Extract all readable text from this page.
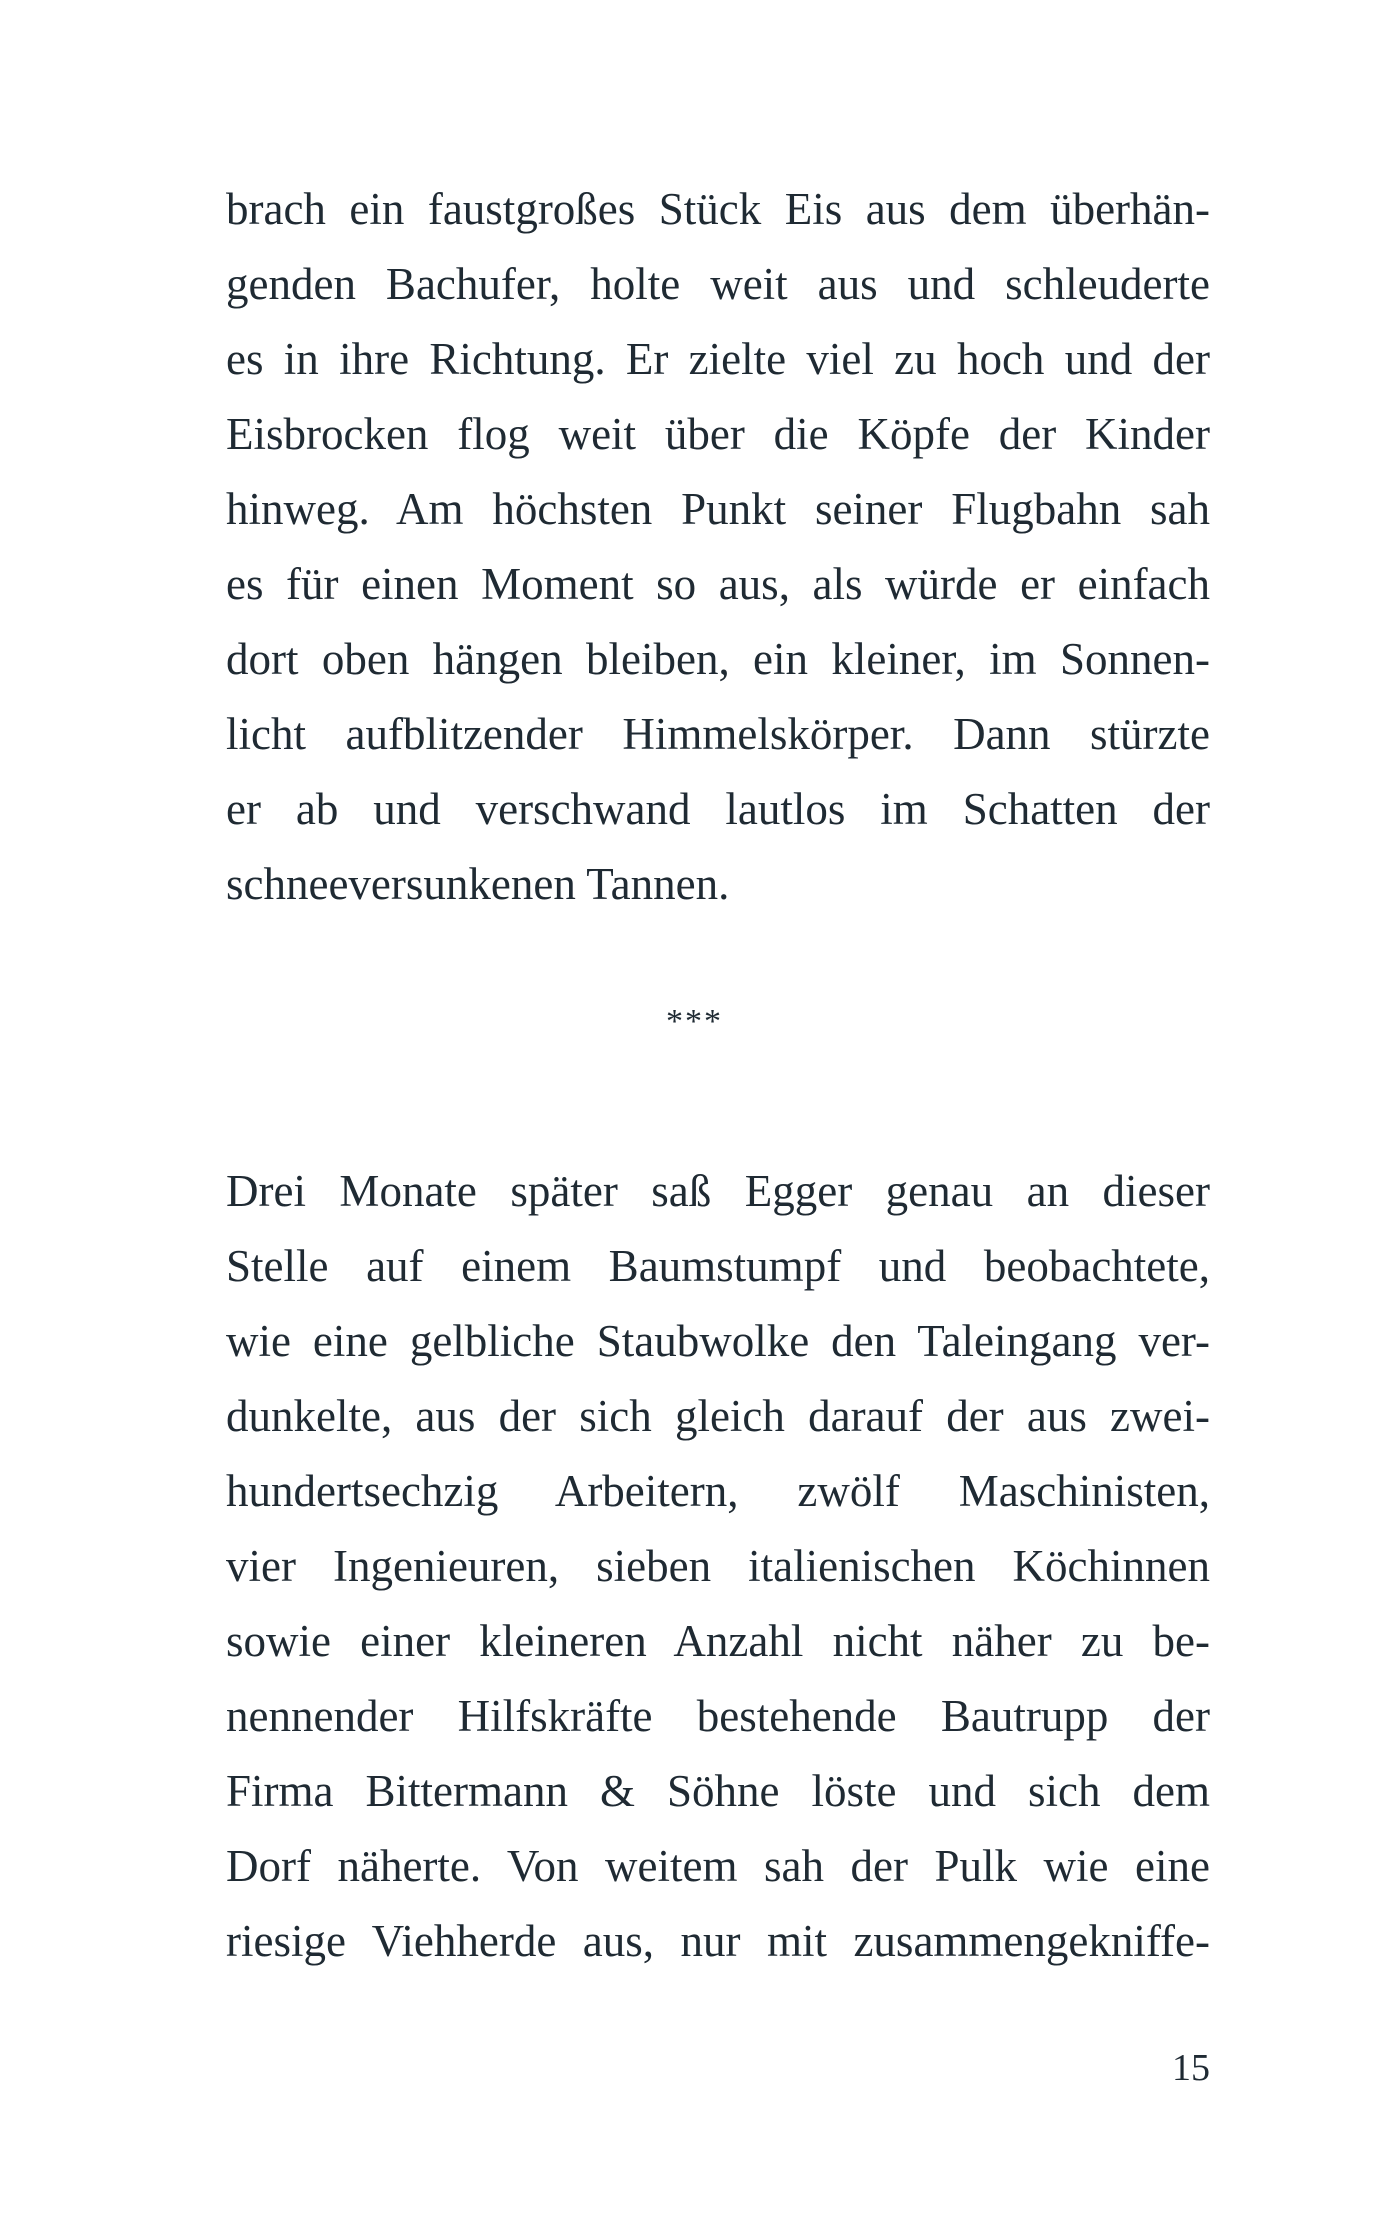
brach ein faustgroßes Stück Eis aus dem überhän-
genden Bachufer, holte weit aus und schleuderte
es in ihre Richtung. Er zielte viel zu hoch und der
Eisbrocken flog weit über die Köpfe der Kinder
hinweg. Am höchsten Punkt seiner Flugbahn sah
es für einen Moment so aus, als würde er einfach
dort oben hängen bleiben, ein kleiner, im Sonnen-
licht aufblitzender Himmelskörper. Dann stürzte
er ab und verschwand lautlos im Schatten der
schneeversunkenen Tannen.
***
Drei Monate später saß Egger genau an dieser
Stelle auf einem Baumstumpf und beobachtete,
wie eine gelbliche Staubwolke den Taleingang ver-
dunkelte, aus der sich gleich darauf der aus zwei-
hundertsechzig Arbeitern, zwölf Maschinisten,
vier Ingenieuren, sieben italienischen Köchinnen
sowie einer kleineren Anzahl nicht näher zu be-
nennender Hilfskräfte bestehende Bautrupp der
Firma Bittermann & Söhne löste und sich dem
Dorf näherte. Von weitem sah der Pulk wie eine
riesige Viehherde aus, nur mit zusammengekniffe-
15
